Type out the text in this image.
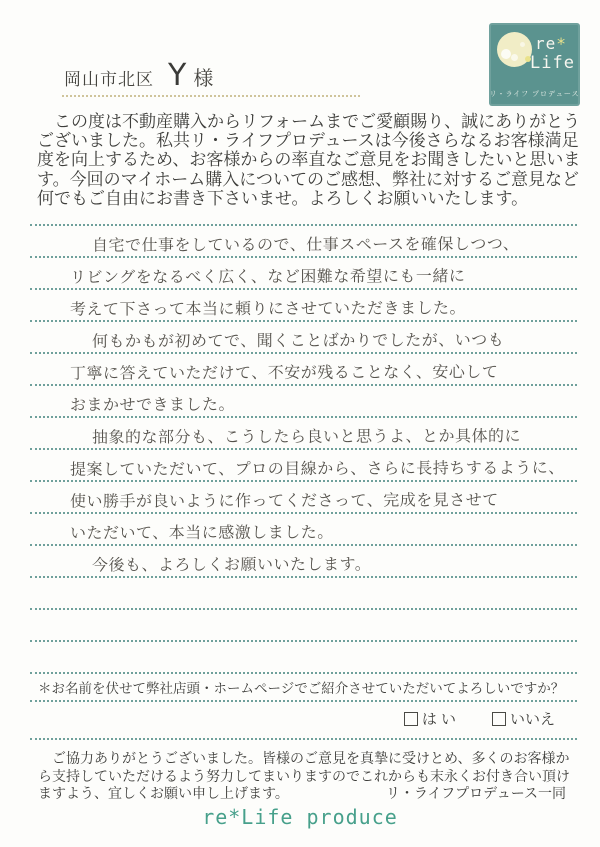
岡山市北区 Y 様
re*
Life
リ・ライフ プロデュース

この度は不動産購入からリフォームまでご愛顧賜り、誠にありがとう

ございました。私共リ・ライフプロデュースは今後さらなるお客様満足

度を向上するため、お客様からの率直なご意見をお聞きしたいと思いま

す。今回のマイホーム購入についてのご感想、弊社に対するご意見など

何でもご自由にお書き下さいませ。よろしくお願いいたします。

自宅で仕事をしているので、仕事スペースを確保しつつ、
リビングをなるべく広く、など困難な希望にも一緒に
考えて下さって本当に頼りにさせていただきました。
何もかもが初めてで、聞くことばかりでしたが、いつも
丁寧に答えていただけて、不安が残ることなく、安心して
おまかせできました。
抽象的な部分も、こうしたら良いと思うよ、とか具体的に
提案していただいて、プロの目線から、さらに長持ちするように、
使い勝手が良いように作ってくださって、完成を見させて
いただいて、本当に感激しました。
今後も、よろしくお願いいたします。
＊お名前を伏せて弊社店頭・ホームページでご紹介させていただいてよろしいですか？
は い	いいえ

ご協力ありがとうございました。皆様のご意見を真摯に受けとめ、多くのお客様か

ら支持していただけるよう努力してまいりますのでこれからも末永くお付き合い頂け

ますよう、宜しくお願い申し上げます。	リ・ライフプロデュース一同

re*Life produce
